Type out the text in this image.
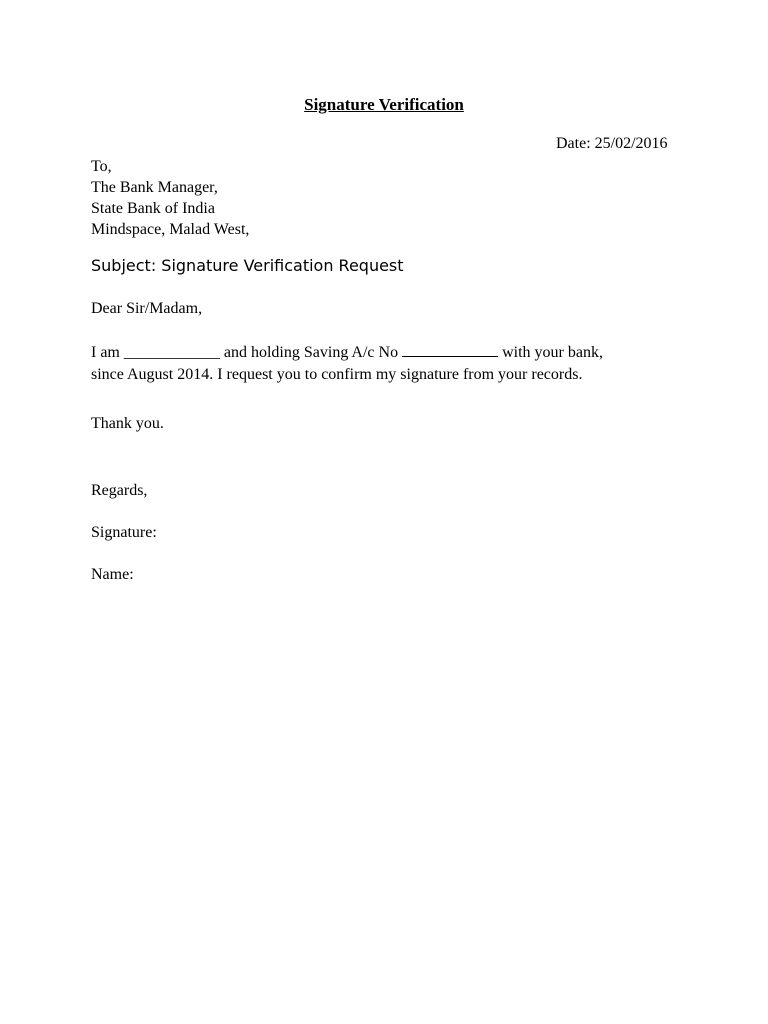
Signature Verification
Date: 25/02/2016
To,
The Bank Manager,
State Bank of India
Mindspace, Malad West,
Subject: Signature Verification Request
Dear Sir/Madam,
I am ____________ and holding Saving A/c No	with your bank,
since August 2014. I request you to confirm my signature from your records.
Thank you.
Regards,
Signature:
Name:
